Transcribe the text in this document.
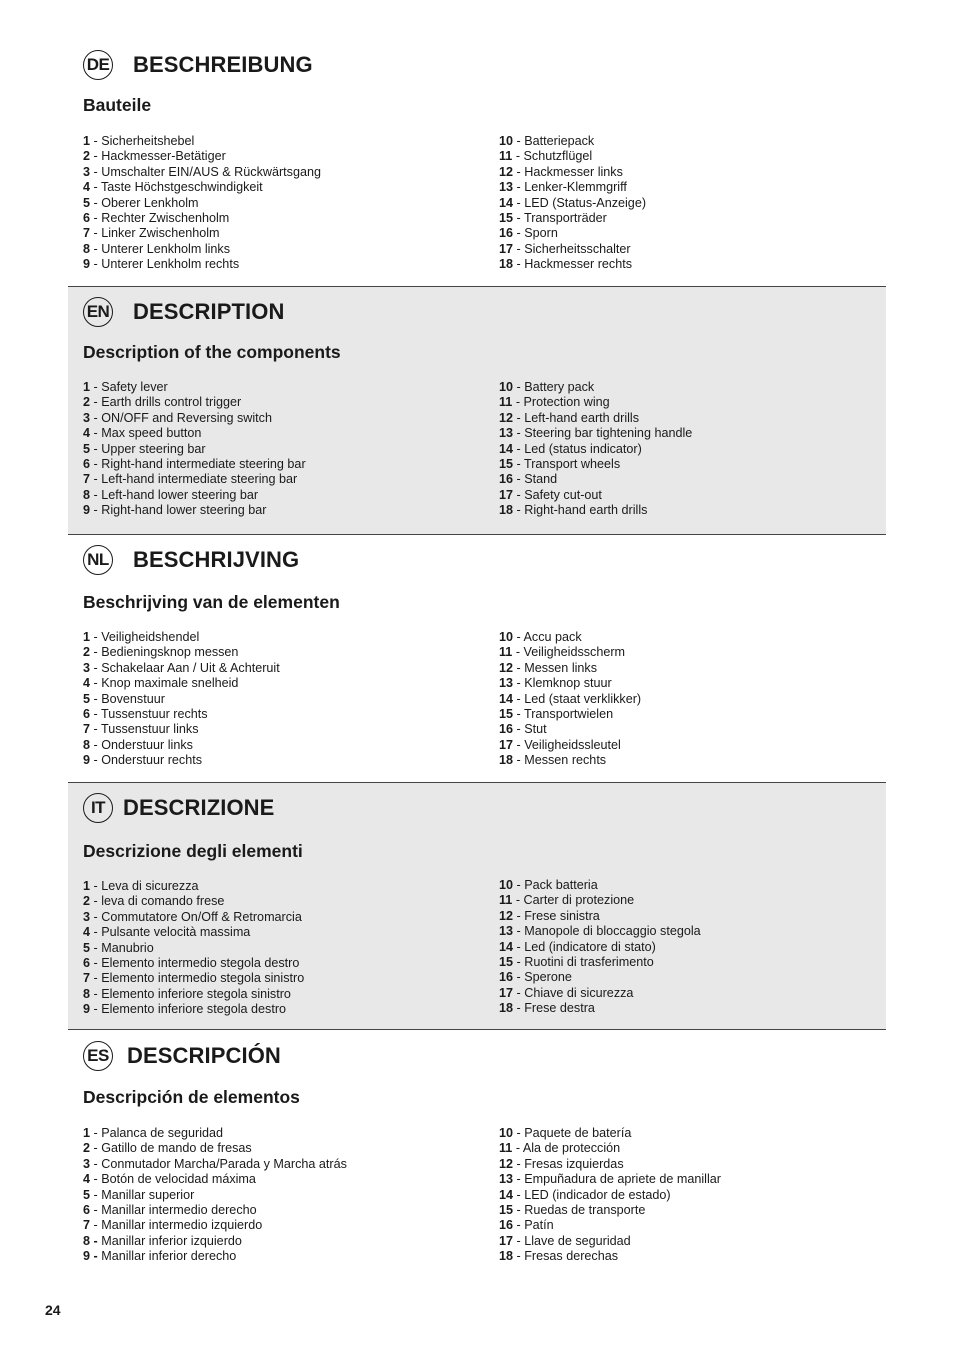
DE BESCHREIBUNG
Bauteile
1 - Sicherheitshebel
2 - Hackmesser-Betätiger
3 - Umschalter EIN/AUS & Rückwärtsgang
4 - Taste Höchstgeschwindigkeit
5 - Oberer Lenkholm
6 - Rechter Zwischenholm
7 - Linker Zwischenholm
8 - Unterer Lenkholm links
9 - Unterer Lenkholm rechts
10 - Batteriepack
11 - Schutzflügel
12 - Hackmesser links
13 - Lenker-Klemmgriff
14 - LED (Status-Anzeige)
15 - Transporträder
16 - Sporn
17 - Sicherheitsschalter
18 - Hackmesser rechts
EN DESCRIPTION
Description of the components
1 - Safety lever
2 - Earth drills control trigger
3 - ON/OFF and Reversing switch
4 - Max speed button
5 - Upper steering bar
6 - Right-hand intermediate steering bar
7 - Left-hand intermediate steering bar
8 - Left-hand lower steering bar
9 - Right-hand lower steering bar
10 - Battery pack
11 - Protection wing
12 - Left-hand earth drills
13 - Steering bar tightening handle
14 - Led (status indicator)
15 - Transport wheels
16 - Stand
17 - Safety cut-out
18 - Right-hand earth drills
NL BESCHRIJVING
Beschrijving van de elementen
1 - Veiligheidshendel
2 - Bedieningsknop messen
3 - Schakelaar Aan / Uit & Achteruit
4 - Knop maximale snelheid
5 - Bovenstuur
6 - Tussenstuur rechts
7 - Tussenstuur links
8 - Onderstuur links
9 - Onderstuur rechts
10 - Accu pack
11 - Veiligheidsscherm
12 - Messen links
13 - Klemknop stuur
14 - Led (staat verklikker)
15 - Transportwielen
16 - Stut
17 - Veiligheidssleutel
18 - Messen rechts
IT DESCRIZIONE
Descrizione degli elementi
1 - Leva di sicurezza
2 - leva di comando frese
3 - Commutatore On/Off & Retromarcia
4 - Pulsante velocità massima
5 - Manubrio
6 - Elemento intermedio stegola destro
7 - Elemento intermedio stegola sinistro
8 - Elemento inferiore stegola sinistro
9 - Elemento inferiore stegola destro
10 - Pack batteria
11 - Carter di protezione
12 - Frese sinistra
13 - Manopole di bloccaggio stegola
14 - Led (indicatore di stato)
15 - Ruotini di trasferimento
16 - Sperone
17 - Chiave di sicurezza
18 - Frese destra
ES DESCRIPCIÓN
Descripción de elementos
1 - Palanca de seguridad
2 - Gatillo de mando de fresas
3 - Conmutador Marcha/Parada y Marcha atrás
4 - Botón de velocidad máxima
5 - Manillar superior
6 - Manillar intermedio derecho
7 - Manillar intermedio izquierdo
8 - Manillar inferior izquierdo
9 - Manillar inferior derecho
10 - Paquete de batería
11 - Ala de protección
12 - Fresas izquierdas
13 - Empuñadura de apriete de manillar
14 - LED (indicador de estado)
15 - Ruedas de transporte
16 - Patín
17 - Llave de seguridad
18 - Fresas derechas
24
